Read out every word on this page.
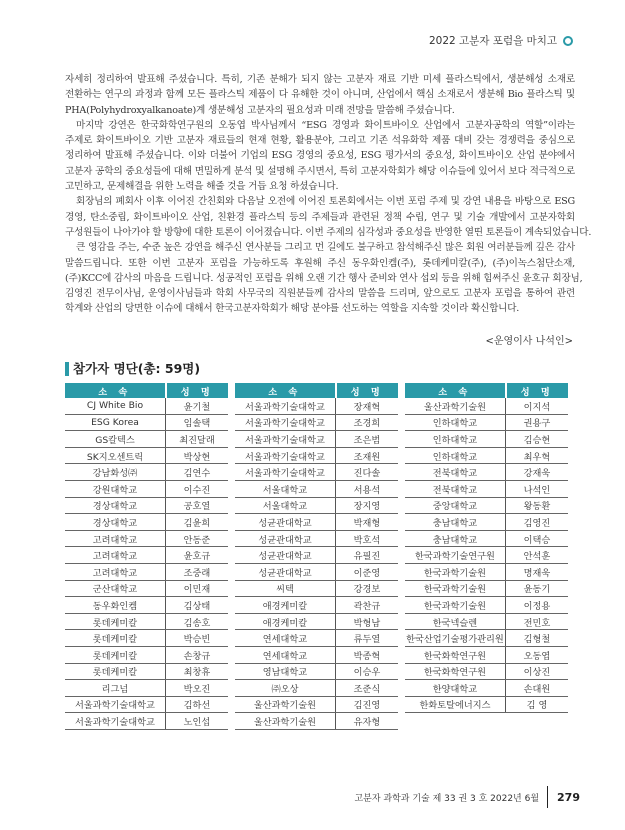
2022 고분자 포럼을 마치고
자세히 정리하여 발표해 주셨습니다. 특히, 기존 분해가 되지 않는 고분자 재료 기반 미세 플라스틱에서, 생분해성 소재로
전환하는 연구의 과정과 함께 모든 플라스틱 제품이 다 유해한 것이 아니며, 산업에서 핵심 소재로서 생분해 Bio 플라스틱 및
PHA(Polyhydroxyalkanoate)계 생분해성 고분자의 필요성과 미래 전망을 말씀해 주셨습니다.
마지막 강연은 한국화학연구원의 오동엽 박사님께서 “ESG 경영과 화이트바이오 산업에서 고분자공학의 역할”이라는
주제로 화이트바이오 기반 고분자 재료들의 현재 현황, 활용분야, 그리고 기존 석유화학 제품 대비 갖는 경쟁력을 중심으로
정리하여 발표해 주셨습니다. 이와 더불어 기업의 ESG 경영의 중요성, ESG 평가서의 중요성, 화이트바이오 산업 분야에서
고분자 공학의 중요성들에 대해 면밀하게 분석 및 설명해 주시면서, 특히 고분자학회가 해당 이슈들에 있어서 보다 적극적으로
고민하고, 문제해결을 위한 노력을 해줄 것을 거듭 요청 하셨습니다.
회장님의 폐회사 이후 이어진 간친회와 다음날 오전에 이어진 토론회에서는 이번 포럼 주제 및 강연 내용을 바탕으로 ESG
경영, 탄소중립, 화이트바이오 산업, 친환경 플라스틱 등의 주제들과 관련된 정책 수립, 연구 및 기술 개발에서 고분자학회
구성원들이 나아가야 할 방향에 대한 토론이 이어졌습니다. 이번 주제의 심각성과 중요성을 반영한 열띤 토론들이 계속되었습니다.
큰 영감을 주는, 수준 높은 강연을 해주신 연사분들 그리고 먼 길에도 불구하고 참석해주신 많은 회원 여러분들께 깊은 감사
말씀드립니다. 또한 이번 고분자 포럼을 가능하도록 후원해 주신 동우화인켐(주), 롯데케미칼(주), (주)이녹스첨단소재,
(주)KCC에 감사의 마음을 드립니다. 성공적인 포럼을 위해 오랜 기간 행사 준비와 연사 섭외 등을 위해 힘써주신 윤호규 회장님,
김영진 전무이사님, 운영이사님들과 학회 사무국의 직원분들께 감사의 말씀을 드리며, 앞으로도 고분자 포럼을 통하여 관련
학계와 산업의 당면한 이슈에 대해서 한국고분자학회가 해당 분야를 선도하는 역할을 지속할 것이라 확신합니다.
<운영이사 나석인>
참가자 명단(총: 59명)
소 속	성 명
CJ White Bio	윤기철
ESG Korea	임솔택
GS칼텍스	최진달래
SK지오센트릭	박상현
강남화성㈜	김연수
강원대학교	이수진
경상대학교	공호열
경상대학교	김윤희
고려대학교	안동준
고려대학교	윤호규
고려대학교	조중래
군산대학교	이민재
동우화인켐	김상태
롯데케미칼	김송호
롯데케미칼	박승빈
롯데케미칼	손창규
롯데케미칼	최창휴
리그넘	박오진
서울과학기술대학교	김하선
서울과학기술대학교	노인섭
소 속	성 명
서울과학기술대학교	장재혁
서울과학기술대학교	조경희
서울과학기술대학교	조은범
서울과학기술대학교	조재원
서울과학기술대학교	진다솔
서울대학교	서용석
서울대학교	장지영
성균관대학교	박재형
성균관대학교	박호석
성균관대학교	유필진
성균관대학교	이준영
씨텍	강경보
애경케미칼	곽찬규
애경케미칼	박형남
연세대학교	류두열
연세대학교	박종혁
영남대학교	이승우
㈜오상	조준식
울산과학기술원	김진영
울산과학기술원	유자형
소 속	성 명
울산과학기술원	이지석
인하대학교	권용구
인하대학교	김승현
인하대학교	최우혁
전북대학교	강재욱
전북대학교	나석인
중앙대학교	왕동환
충남대학교	김영진
충남대학교	이택승
한국과학기술연구원	안석훈
한국과학기술원	명재욱
한국과학기술원	윤동기
한국과학기술원	이정용
한국넥슬렌	전민호
한국산업기술평가관리원	김형철
한국화학연구원	오동엽
한국화학연구원	이상진
한양대학교	손대원
한화토탈에너지스	김 영
고분자 과학과 기술 제 33 권 3 호 2022년 6월 279
